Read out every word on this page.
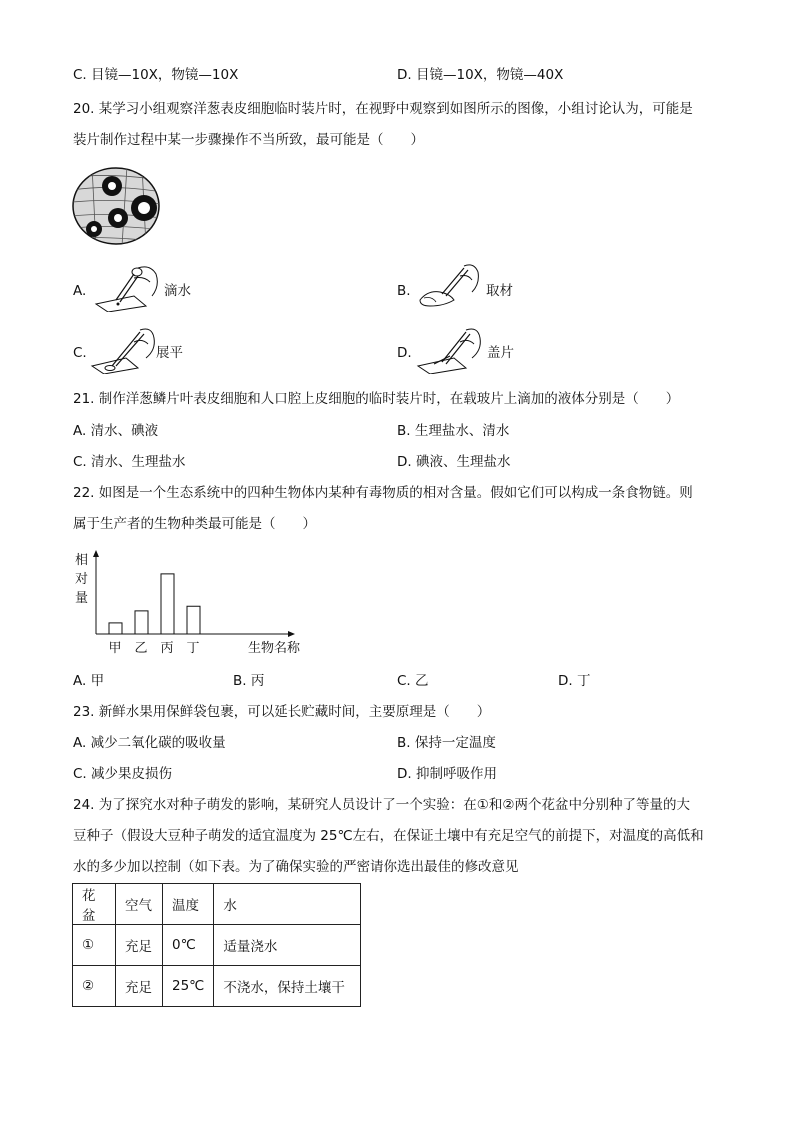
C. 目镜—10X，物镜—10X	D. 目镜—10X，物镜—40X
20. 某学习小组观察洋葱表皮细胞临时装片时，在视野中观察到如图所示的图像，小组讨论认为，可能是
装片制作过程中某一步骤操作不当所致，最可能是（　　）
A.	滴水	B.	取材
C.	展平	D.	盖片
21. 制作洋葱鳞片叶表皮细胞和人口腔上皮细胞的临时装片时，在载玻片上滴加的液体分别是（　　）
A. 清水、碘液	B. 生理盐水、清水
C. 清水、生理盐水	D. 碘液、生理盐水
22. 如图是一个生态系统中的四种生物体内某种有毒物质的相对含量。假如它们可以构成一条食物链。则
属于生产者的生物种类最可能是（　　）
相
对
量
甲 乙 丙 丁	生物名称
A. 甲	B. 丙	C. 乙	D. 丁
23. 新鲜水果用保鲜袋包裹，可以延长贮藏时间，主要原理是（　　）
A. 减少二氧化碳的吸收量	B. 保持一定温度
C. 减少果皮损伤	D. 抑制呼吸作用
24. 为了探究水对种子萌发的影响，某研究人员设计了一个实验：在①和②两个花盆中分别种了等量的大
豆种子（假设大豆种子萌发的适宜温度为 25℃左右，在保证土壤中有充足空气的前提下，对温度的高低和
水的多少加以控制（如下表。为了确保实验的严密请你选出最佳的修改意见
花盆	空气	温度	水
①	充足	0℃	适量浇水
②	充足	25℃	不浇水，保持土壤干
